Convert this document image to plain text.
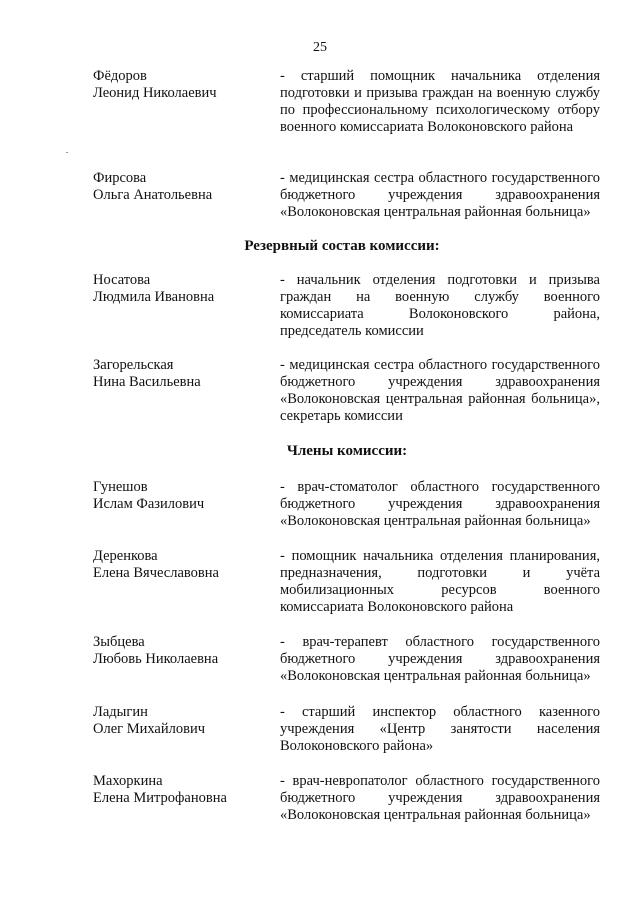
25
Фёдоров
Леонид Николаевич
- старший помощник начальника отделения подготовки и призыва граждан на военную службу по профессиональному психологическому отбору военного комиссариата Волоконовского района
Фирсова
Ольга Анатольевна
- медицинская сестра областного государственного бюджетного учреждения здравоохранения «Волоконовская центральная районная больница»
Резервный состав комиссии:
Носатова
Людмила Ивановна
- начальник отделения подготовки и призыва граждан на военную службу военного комиссариата Волоконовского района, председатель комиссии
Загорельская
Нина Васильевна
- медицинская сестра областного государственного бюджетного учреждения здравоохранения «Волоконовская центральная районная больница», секретарь комиссии
Члены комиссии:
Гунешов
Ислам Фазилович
- врач-стоматолог областного государственного бюджетного учреждения здравоохранения «Волоконовская центральная районная больница»
Деренкова
Елена Вячеславовна
- помощник начальника отделения планирования, предназначения, подготовки и учёта мобилизационных ресурсов военного комиссариата Волоконовского района
Зыбцева
Любовь Николаевна
- врач-терапевт областного государственного бюджетного учреждения здравоохранения «Волоконовская центральная районная больница»
Ладыгин
Олег Михайлович
- старший инспектор областного казенного учреждения «Центр занятости населения Волоконовского района»
Махоркина
Елена Митрофановна
- врач-невропатолог областного государственного бюджетного учреждения здравоохранения «Волоконовская центральная районная больница»
